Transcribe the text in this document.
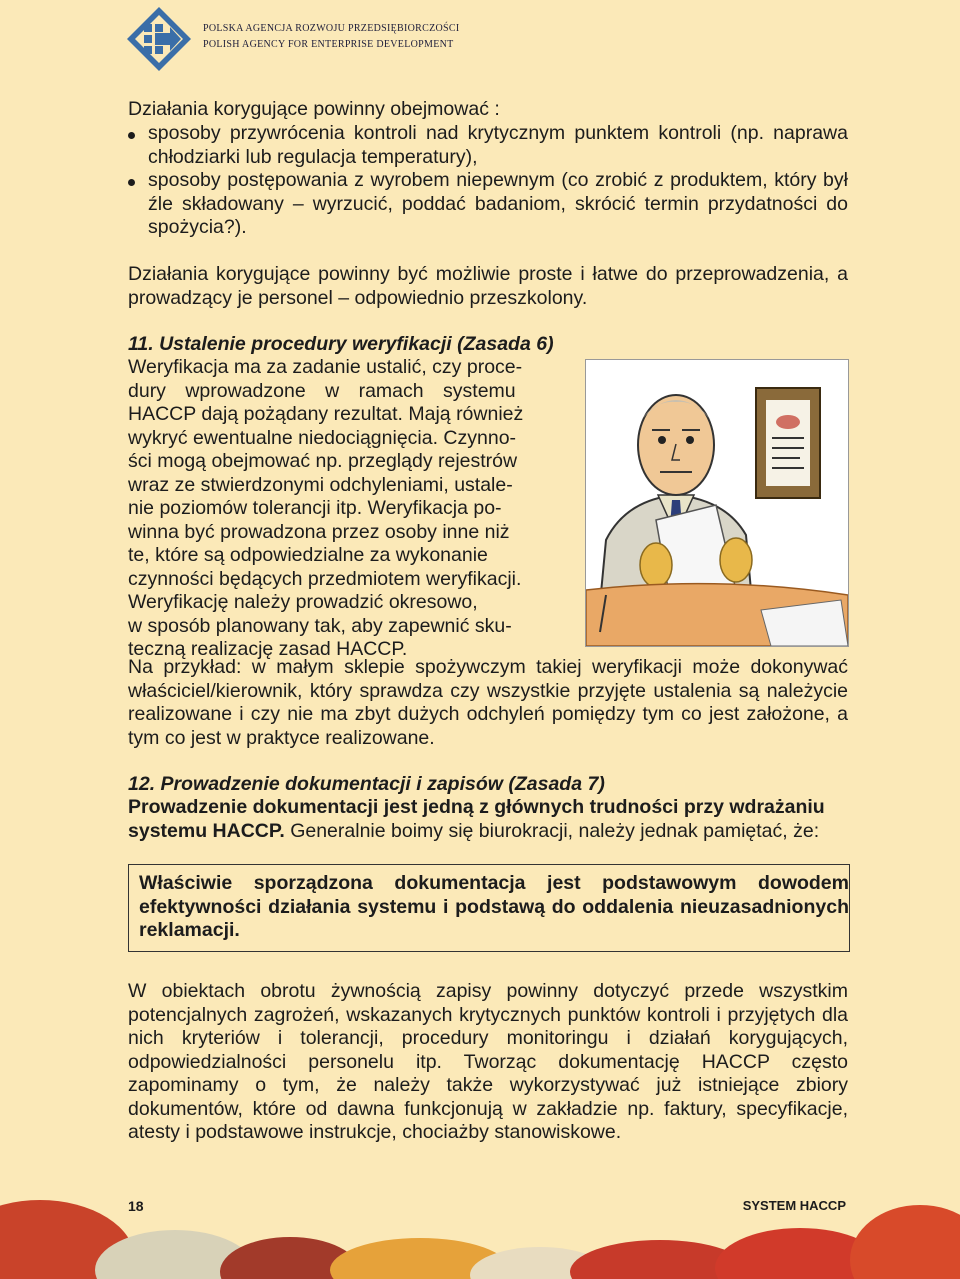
POLSKA AGENCJA ROZWOJU PRZEDSIĘBIORCZOŚCI
POLISH AGENCY FOR ENTERPRISE DEVELOPMENT

Działania korygujące powinny obejmować :

sposoby przywrócenia kontroli nad krytycznym punktem kontroli (np. naprawa chłodziarki lub regulacja temperatury),
sposoby postępowania z wyrobem niepewnym (co zrobić z produktem, który był źle składowany – wyrzucić, poddać badaniom, skrócić termin przydatności do spożycia?).

Działania korygujące powinny być możliwie proste i łatwe do przeprowadzenia, a prowadzący je personel – odpowiednio przeszkolony.

11. Ustalenie procedury weryfikacji (Zasada 6)

Weryfikacja ma za zadanie ustalić, czy proce-
dury wprowadzone w ramach systemu
HACCP dają pożądany rezultat. Mają również
wykryć ewentualne niedociągnięcia. Czynno-
ści mogą obejmować np. przeglądy rejestrów
wraz ze stwierdzonymi odchyleniami, ustale-
nie poziomów tolerancji itp. Weryfikacja po-
winna być prowadzona przez osoby inne niż
te, które są odpowiedzialne za wykonanie
czynności będących przedmiotem weryfikacji.
Weryfikację należy prowadzić okresowo,
w sposób planowany tak, aby zapewnić sku-
teczną realizację zasad HACCP.

Na przykład: w małym sklepie spożywczym takiej weryfikacji może dokonywać właściciel/kierownik, który sprawdza czy wszystkie przyjęte ustalenia są należycie realizowane i czy nie ma zbyt dużych odchyleń pomiędzy tym co jest założone, a tym co jest w praktyce realizowane.

12. Prowadzenie dokumentacji i zapisów (Zasada 7)

Prowadzenie dokumentacji jest jedną z głównych trudności przy wdrażaniu systemu HACCP. Generalnie boimy się biurokracji, należy jednak pamiętać, że:

Właściwie sporządzona dokumentacja jest podstawowym dowodem efektywności działania systemu i podstawą do oddalenia nieuzasadnionych reklamacji.

W obiektach obrotu żywnością zapisy powinny dotyczyć przede wszystkim potencjalnych zagrożeń, wskazanych krytycznych punktów kontroli i przyjętych dla nich kryteriów i tolerancji, procedury monitoringu i działań korygujących, odpowiedzialności personelu itp. Tworząc dokumentację HACCP często zapominamy o tym, że należy także wykorzystywać już istniejące zbiory dokumentów, które od dawna funkcjonują w zakładzie np. faktury, specyfikacje, atesty i podstawowe instrukcje, chociażby stanowiskowe.

18	SYSTEM HACCP
